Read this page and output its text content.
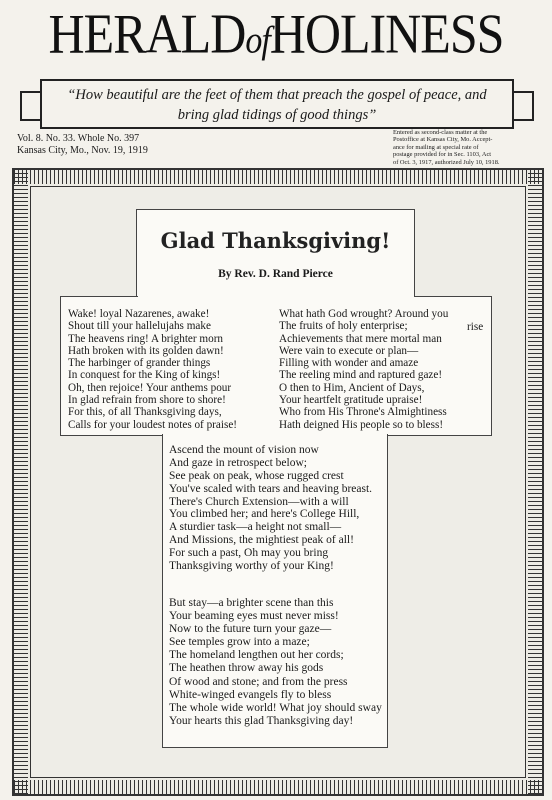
HERALDofHOLINESS
“How beautiful are the feet of them that preach the gospel of peace, and
bring glad tidings of good things”
Vol. 8. No. 33. Whole No. 397
Kansas City, Mo., Nov. 19, 1919
Entered as second-class matter at the
Postoffice at Kansas City, Mo. Accept-
ance for mailing at special rate of
postage provided for in Sec. 1103, Act
of Oct. 3, 1917, authorized July 10, 1918.
Glad Thanksgiving!
By Rev. D. Rand Pierce
Wake! loyal Nazarenes, awake!
Shout till your hallelujahs make
The heavens ring! A brighter morn
Hath broken with its golden dawn!
The harbinger of grander things
In conquest for the King of kings!
Oh, then rejoice! Your anthems pour
In glad refrain from shore to shore!
For this, of all Thanksgiving days,
Calls for your loudest notes of praise!
What hath God wrought? Around you
The fruits of holy enterprise;
Achievements that mere mortal man
Were vain to execute or plan—
Filling with wonder and amaze
The reeling mind and raptured gaze!
O then to Him, Ancient of Days,
Your heartfelt gratitude upraise!
Who from His Throne's Almightiness
Hath deigned His people so to bless!
rise
Ascend the mount of vision now
And gaze in retrospect below;
See peak on peak, whose rugged crest
You've scaled with tears and heaving breast.
There's Church Extension—with a will
You climbed her; and here's College Hill,
A sturdier task—a height not small—
And Missions, the mightiest peak of all!
For such a past, Oh may you bring
Thanksgiving worthy of your King!
But stay—a brighter scene than this
Your beaming eyes must never miss!
Now to the future turn your gaze—
See temples grow into a maze;
The homeland lengthen out her cords;
The heathen throw away his gods
Of wood and stone; and from the press
White-winged evangels fly to bless
The whole wide world! What joy should sway
Your hearts this glad Thanksgiving day!
